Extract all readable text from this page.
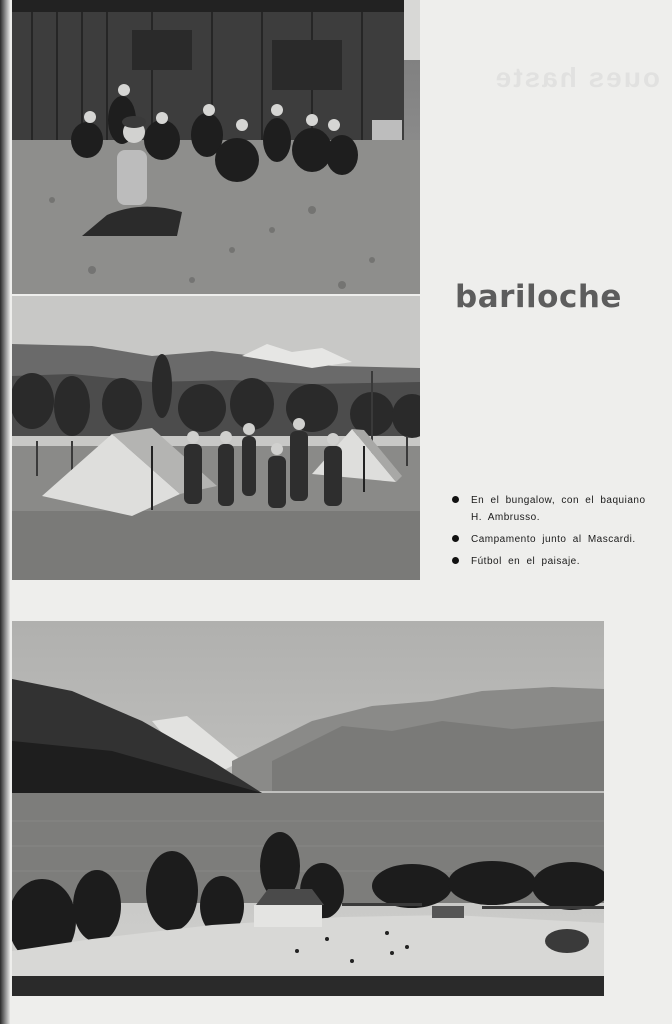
oues haste
bariloche
En el bungalow, con el baquiano H. Ambrusso.
Campamento junto al Mascardi.
Fútbol en el paisaje.
